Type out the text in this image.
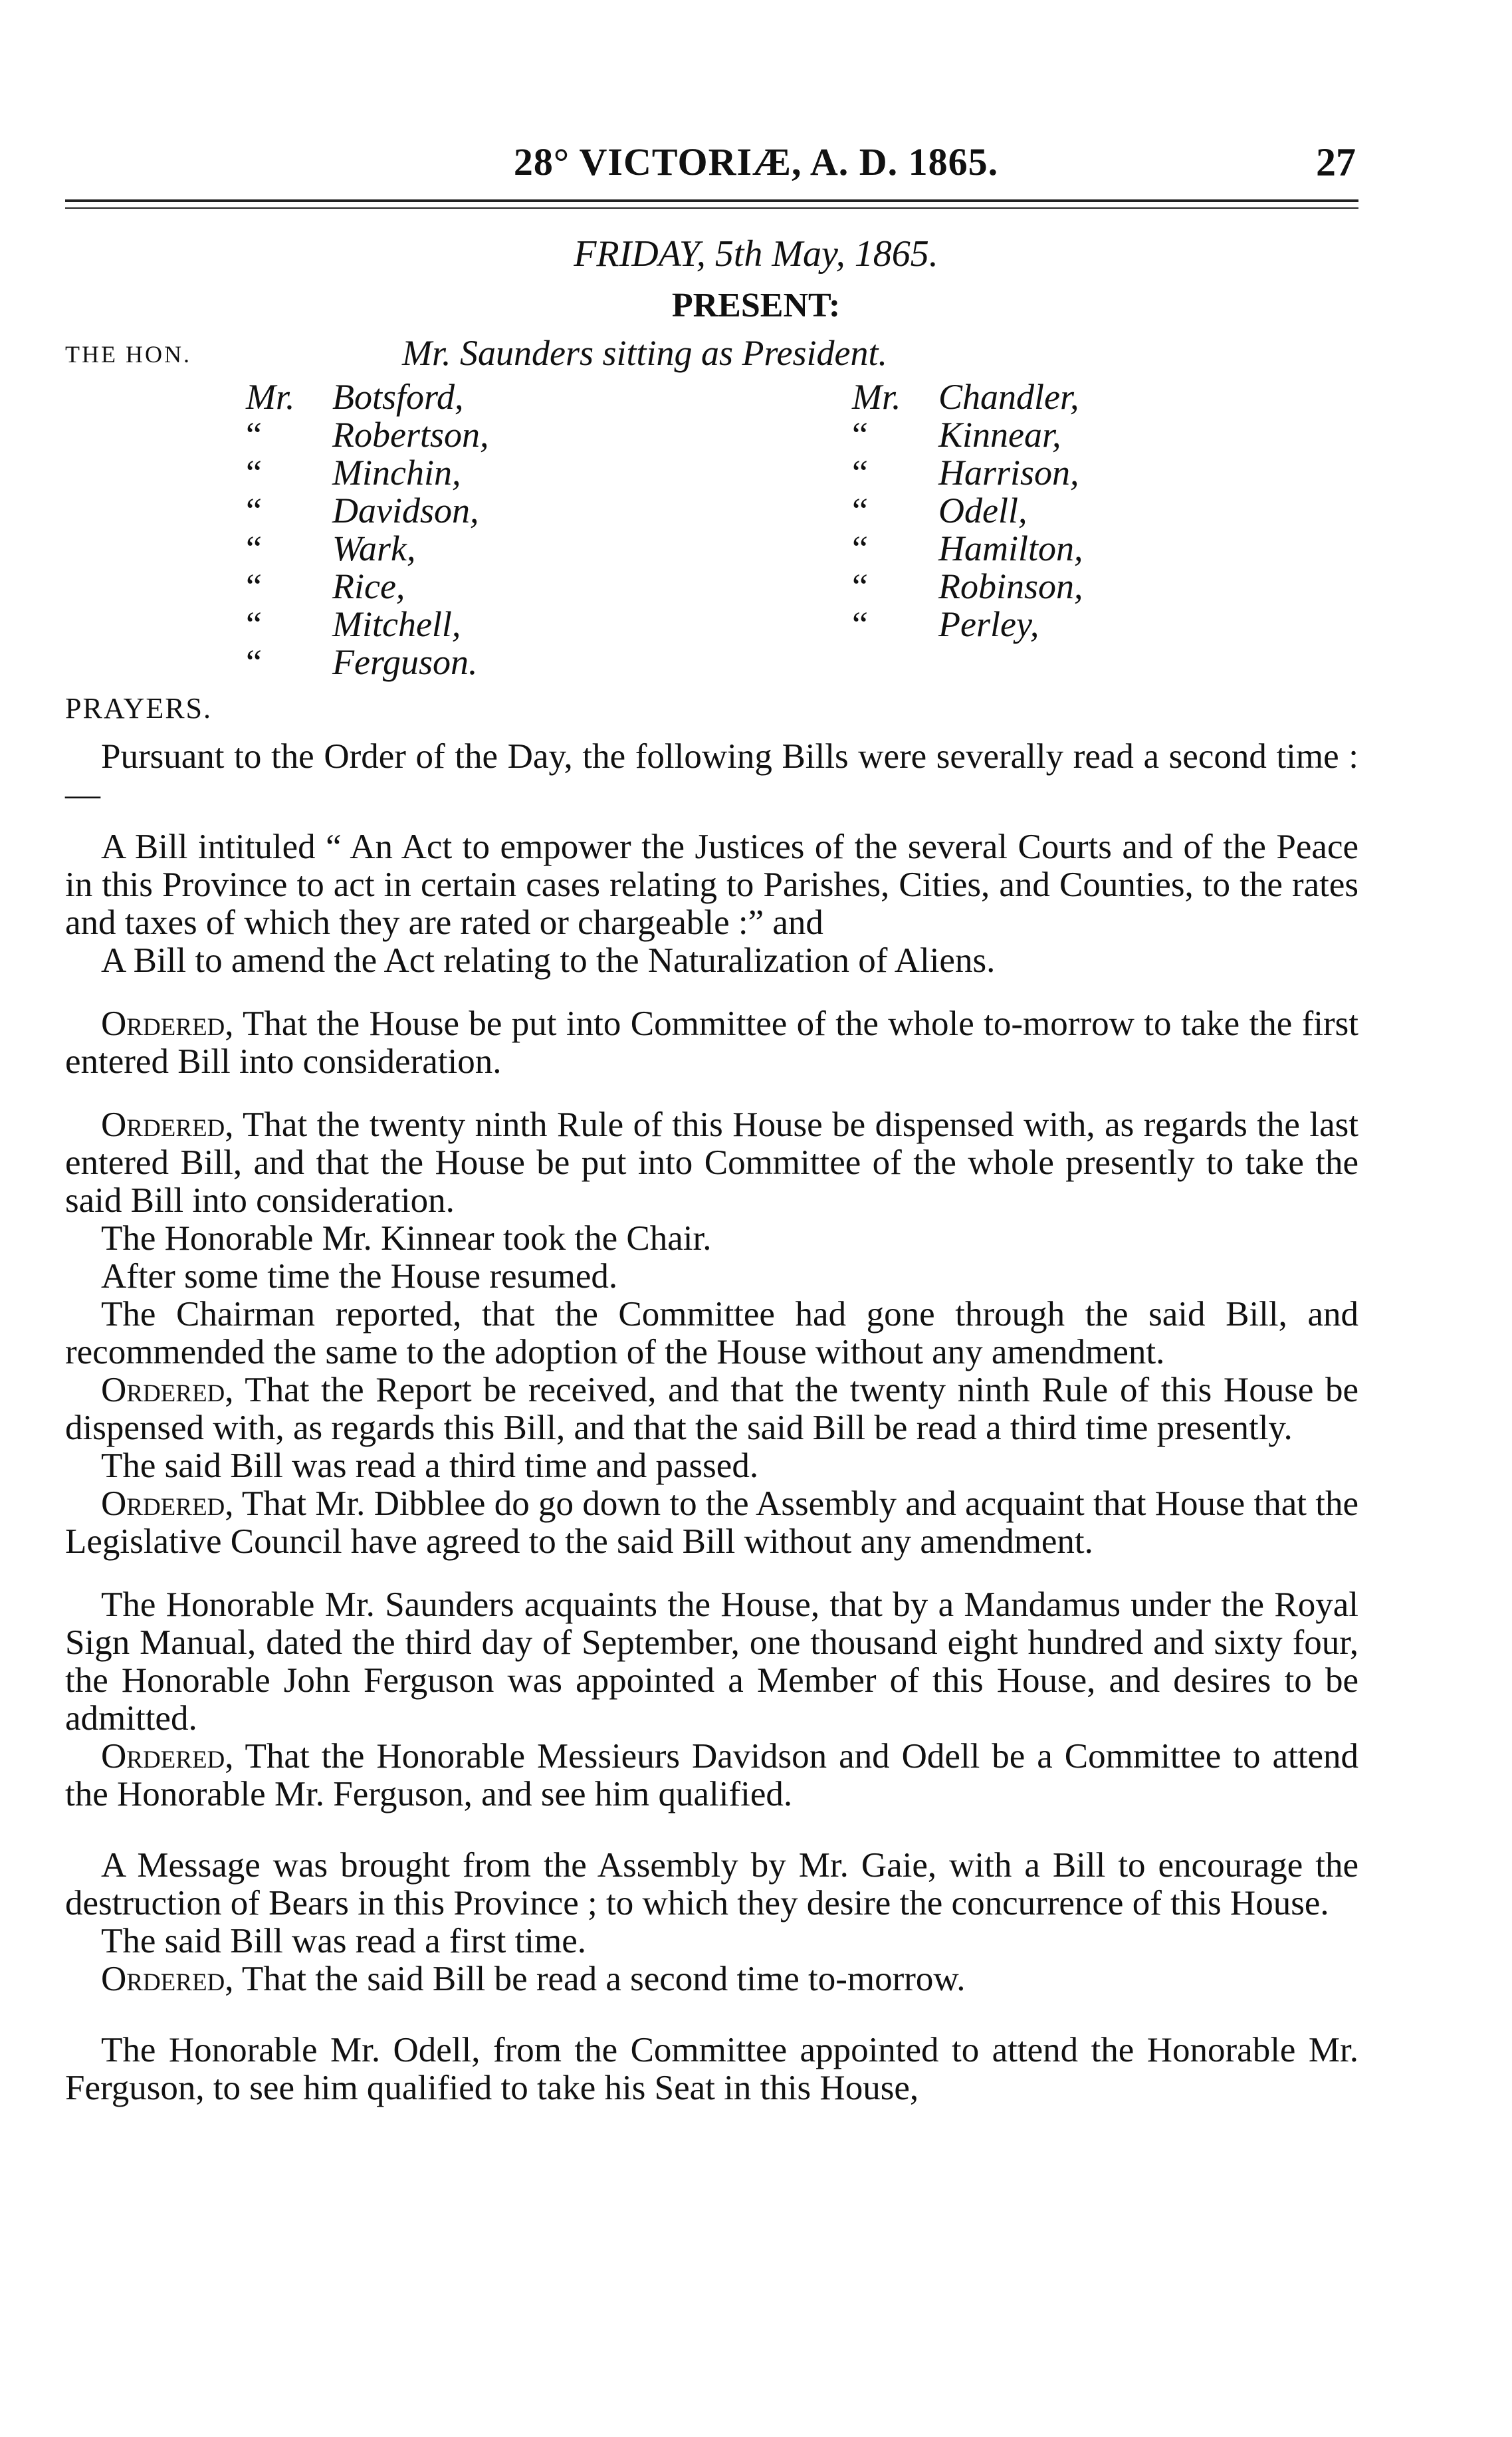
28° VICTORIÆ, A. D. 1865.	27
FRIDAY, 5th May, 1865.
PRESENT:
THE HON.	Mr. Saunders sitting as President.
Mr. Botsford,
“ Robertson,
“ Minchin,
“ Davidson,
“ Wark,
“ Rice,
“ Mitchell,
“ Ferguson.
Mr. Chandler,
“ Kinnear,
“ Harrison,
“ Odell,
“ Hamilton,
“ Robinson,
“ Perley,
PRAYERS.

Pursuant to the Order of the Day, the following Bills were severally read a second time :—

A Bill intituled “ An Act to empower the Justices of the several Courts and of the Peace in this Province to act in certain cases relating to Parishes, Cities, and Counties, to the rates and taxes of which they are rated or chargeable :” and

A Bill to amend the Act relating to the Naturalization of Aliens.

Ordered, That the House be put into Committee of the whole to-morrow to take the first entered Bill into consideration.

Ordered, That the twenty ninth Rule of this House be dispensed with, as regards the last entered Bill, and that the House be put into Committee of the whole presently to take the said Bill into consideration.

The Honorable Mr. Kinnear took the Chair.

After some time the House resumed.

The Chairman reported, that the Committee had gone through the said Bill, and recommended the same to the adoption of the House without any amendment.

Ordered, That the Report be received, and that the twenty ninth Rule of this House be dispensed with, as regards this Bill, and that the said Bill be read a third time presently.

The said Bill was read a third time and passed.

Ordered, That Mr. Dibblee do go down to the Assembly and acquaint that House that the Legislative Council have agreed to the said Bill without any amendment.

The Honorable Mr. Saunders acquaints the House, that by a Mandamus under the Royal Sign Manual, dated the third day of September, one thousand eight hundred and sixty four, the Honorable John Ferguson was appointed a Member of this House, and desires to be admitted.

Ordered, That the Honorable Messieurs Davidson and Odell be a Committee to attend the Honorable Mr. Ferguson, and see him qualified.

A Message was brought from the Assembly by Mr. Gaie, with a Bill to encourage the destruction of Bears in this Province ; to which they desire the concurrence of this House.

The said Bill was read a first time.

Ordered, That the said Bill be read a second time to-morrow.

The Honorable Mr. Odell, from the Committee appointed to attend the Honorable Mr. Ferguson, to see him qualified to take his Seat in this House,
